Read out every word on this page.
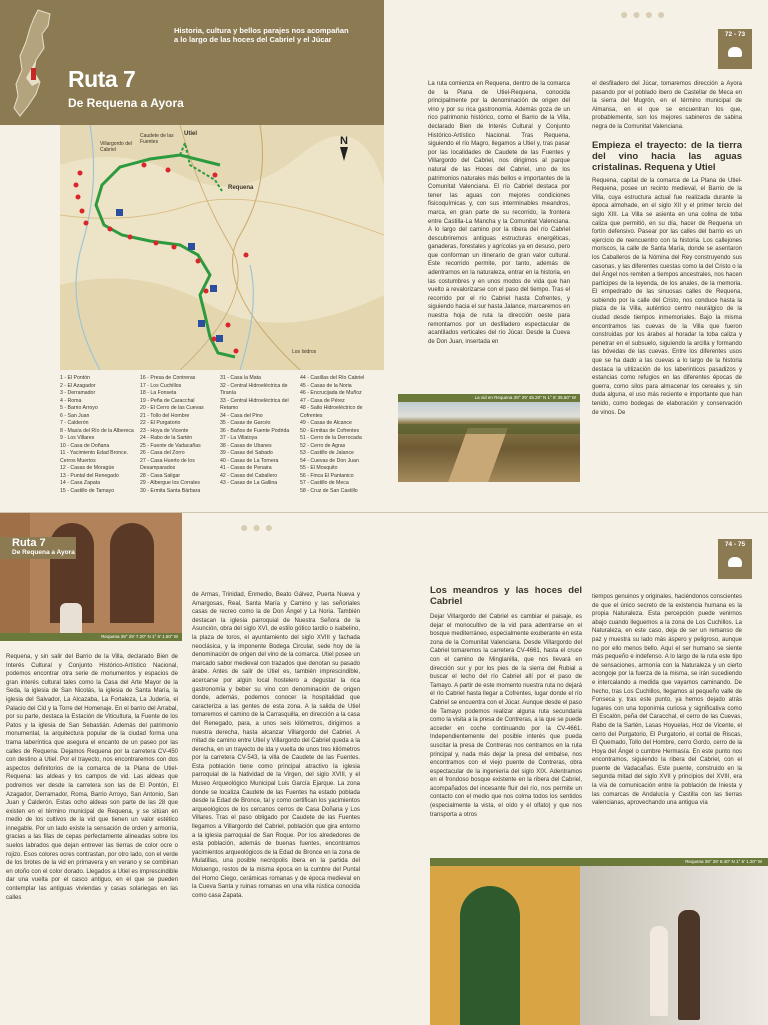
Historia, cultura y bellos parajes nos acompañan a lo largo de las hoces del Cabriel y el Júcar
Ruta 7
De Requena a Ayora
Utiel
Requena
Villargordo del Cabriel
Caudete de las Fuentes
Los Isidros
N
1 - El Pontón
2 - El Azagador
3 - Derramador
4 - Roma
5 - Barrio Arroyo
6 - San Juan
7 - Calderón
8 - Masía del Río de la Albereca
9 - Los Villares
10 - Casa de Doñana
11 - Yacimiento Edad Bronce. Cerros Muertos
12 - Casas de Moragüe
13 - Puntal del Renegado
14 - Casa Zapata
15 - Castillo de Tamayo
16 - Presa de Contreras
17 - Los Cuchillos
18 - La Fonseta
19 - Peña de Caracchal
20 - El Cerro de las Cuevas
21 - Tollo del Hombre
22 - El Purgatorio
23 - Hoya de Vicente
24 - Rabo de la Sartén
25 - Fuente de Vadacañas
26 - Casa del Zorro
27 - Casa Huerto de los Desamparados
28 - Casa Saligar
29 - Albergue los Corrales
30 - Ermita Santa Bárbara
31 - Casa la Mata
32 - Central Hidroeléctrica de Tiranía
33 - Central Hidroeléctrica del Retamo
34 - Casa del Pino
35 - Casas de Garcés
36 - Baños de Fuente Podrida
37 - La Villatoya
38 - Casas de Ubanes
39 - Casas del Sabado
40 - Casas de La Tornera
41 - Casas de Penaira
42 - Casas del Caballero
43 - Casas de La Gallina
44 - Casillas del Río Cabriel
45 - Casas de la Noria
46 - Encrucijada de Muñoz
47 - Casa de Pérez
48 - Salto Hidroeléctrico de Cofrentes
49 - Casas de Alcance
50 - Ermitas de Cofrentes
51 - Cerro de la Derrocada
52 - Cerro de Agras
53 - Castillo de Jalance
54 - Cuevas de Don Juan
55 - El Mosquito
56 - Finca El Pantanico
57 - Castillo de Meca
58 - Cruz de San Castillo
72 - 73
● ● ● ●

La ruta comienza en Requena, dentro de la comarca de la Plana de Utiel-Requena, conocida principalmente por la denominación de origen del vino y por su rica gastronomía. Además goza de un rico patrimonio histórico, como el Barrio de la Villa, declarado Bien de Interés Cultural y Conjunto Histórico-Artístico Nacional. Tras Requena, siguiendo el río Magro, llegamos a Utiel y, tras pasar por las localidades de Caudete de las Fuentes y Villargordo del Cabriel, nos dirigimos al parque natural de las Hoces del Cabriel, uno de los patrimonios naturales más bellos e importantes de la Comunitat Valenciana. El río Cabriel destaca por tener las aguas con mejores condiciones fisicoquímicas y, con sus interminables meandros, marca, en gran parte de su recorrido, la frontera entre Castilla-La Mancha y la Comunitat Valenciana. A lo largo del camino por la ribera del río Cabriel descubriremos antiguas estructuras energéticas, ganaderas, forestales y agrícolas ya en desuso, pero que conforman un itinerario de gran valor cultural. Este recorrido permite, por tanto, además de adentrarnos en la naturaleza, entrar en la historia, en las costumbres y en unos modos de vida que han vuelto a revalorizarse con el paso del tiempo. Tras el recorrido por el río Cabriel hasta Cofrentes, y siguiendo hacia el sur hasta Jalance, marcaremos en nuestra hoja de ruta la dirección oeste para remontarnos por un desfiladero espectacular de acantilados verticales del río Júcar. Desde la Cueva de Don Juan, insertada en

el desfiladero del Júcar, tomaremos dirección a Ayora pasando por el poblado ibero de Castellar de Meca en la sierra del Mugrón, en el término municipal de Almansa, en el que se encuentran los que, probablemente, son los mejores sabineros de sabina negra de la Comunitat Valenciana.

Empieza el trayecto: de la tierra del vino hacia las aguas cristalinas. Requena y Utiel

Requena, capital de la comarca de La Plana de Utiel-Requena, posee un recinto medieval, el Barrio de la Villa, cuya estructura actual fue realizada durante la época almohade, en el siglo XII y el primer tercio del siglo XIII. La Villa se asienta en una colina de toba caliza que permitió, en su día, hacer de Requena un fortín defensivo. Pasear por las calles del barrio es un ejercicio de reencuentro con la historia. Los callejones moriscos, la calle de Santa María, donde se asentaron los Caballeros de la Nómina del Rey construyendo sus casonas, y las diferentes cuestas como la del Cristo o la del Ángel nos remiten a tiempos ancestrales, nos hacen partícipes de la leyenda, de los anales, de la memoria. El empedrado de las sinuosas calles de Requena, subiendo por la calle del Cristo, nos conduce hasta la plaza de la Villa, auténtico centro neurálgico de la ciudad desde tiempos inmemoriales. Bajo la misma encontramos las cuevas de la Villa que fueron construidas por los árabes al horadar la toba caliza y penetrar en el subsuelo, siguiendo la arcilla y formando las bóvedas de las cuevas. Entre los diferentes usos que se ha dado a las cuevas a lo largo de la historia destaca la utilización de los laberínticos pasadizos y estancias como refugios en las diferentes épocas de guerra, como silos para almacenar los cereales y, sin duda alguna, el uso más reciente e importante que han tenido, como bodegas de elaboración y conservación de vinos. De

La vid en Requena 39° 29' 45.20" N 1° 6' 35.60" W
Ruta 7
De Requena a Ayora
Requena 39° 29' 7.20" N 1° 6' 1.60" W
74 - 75
● ● ●

Requena, y sin salir del Barrio de la Villa, declarado Bien de Interés Cultural y Conjunto Histórico-Artístico Nacional, podemos encontrar otra serie de monumentos y espacios de gran interés cultural tales como la Casa del Arte Mayor de la Seda, la iglesia de San Nicolás, la iglesia de Santa María, la iglesia del Salvador, La Alcazaba, La Fortaleza, La Judería, el Palacio del Cid y la Torre del Homenaje. En el barrio del Arrabal, por su parte, destaca la Estación de Viticultura, la Fuente de los Patos y la iglesia de San Sebastián. Además del patrimonio monumental, la arquitectura popular de la ciudad forma una trama laberíntica que asegura el encanto de un paseo por las calles de Requena. Dejamos Requena por la carretera CV-450 con destino a Utiel. Por el trayecto, nos encontraremos con dos aspectos definitorios de la comarca de la Plana de Utiel-Requena: las aldeas y los campos de vid. Las aldeas que podremos ver desde la carretera son las de El Pontón, El Azagador, Derramador, Roma, Barrio Arroyo, San Antonio, San Juan y Calderón. Estas ocho aldeas son parte de las 28 que existen en el término municipal de Requena, y se sitúan en medio de los cultivos de la vid que tienen un valor estético innegable. Por un lado existe la sensación de orden y armonía, gracias a las filas de cepas perfectamente alineadas sobre los suelos labrados que dejan entrever las tierras de color ocre o rojizo. Esos colores ocres contrastan, por otro lado, con el verde de los brotes de la vid en primavera y en verano y se combinan en otoño con el color dorado. Llegados a Utiel es imprescindible dar una vuelta por el casco antiguo, en el que se pueden contemplar las antiguas viviendas y casas solariegas en las calles

de Armas, Trinidad, Enmedio, Beato Gálvez, Puerta Nueva y Amargosas, Real, Santa María y Camino y las señoriales casas de recreo como la de Don Ángel y La Noria. También destacan la iglesia parroquial de Nuestra Señora de la Asunción, obra del siglo XVI, de estilo gótico tardío o isabelino, la plaza de toros, el ayuntamiento del siglo XVIII y fachada neoclásica, y la imponente Bodega Circular, sede hoy de la denominación de origen del vino de la comarca. Utiel posee un marcado sabor medieval con trazados que denotan su pasado árabe. Antes de salir de Utiel es, también imprescindible, acercarse por algún local hostelero a degustar la rica gastronomía y beber su vino con denominación de origen donde, además, podemos conocer la hospitalidad que caracteriza a las gentes de esta zona. A la salida de Utiel tomaremos el camino de la Carrasquilla, en dirección a la casa del Renegado, para, a unos seis kilómetros, dirigirnos a nuestra derecha, hasta alcanzar Villargordo del Cabriel. A mitad de camino entre Utiel y Villargordo del Cabriel queda a la derecha, en un trayecto de ida y vuelta de unos tres kilómetros por la carretera CV-543, la villa de Caudete de las Fuentes. Esta población tiene como principal atractivo la iglesia parroquial de la Natividad de la Virgen, del siglo XVIII, y el Museo Arqueológico Municipal Luis García Ejarque. La zona donde se localiza Caudete de las Fuentes ha estado poblada desde la Edad de Bronce, tal y como certifican los yacimientos arqueológicos de los cercanos cerros de Casa Doñana y Los Villares. Tras el paso obligado por Caudete de las Fuentes llegamos a Villargordo del Cabriel, población que gira entorno a la iglesia parroquial de San Roque. Por los alrededores de esta población, además de buenas fuentes, encontramos yacimientos arqueológicos de la Edad de Bronce en la zona de Mulatillas, una posible necrópolis ibera en la partida del Moluengo, restos de la misma época en la cumbre del Puntal del Horno Ciego, cerámicas romanas y de época medieval en la Cueva Santa y ruinas romanas en una villa rústica conocida como casa Zapata.

Los meandros y las hoces del Cabriel

Dejar Villargordo del Cabriel es cambiar el paisaje, es dejar el monocultivo de la vid para adentrarse en el bosque mediterráneo, especialmente exuberante en esta zona de la Comunitat Valenciana. Desde Villargordo del Cabriel tomaremos la carretera CV-4661, hasta el cruce con el camino de Minglanilla, que nos llevará en dirección sur y por los pies de la sierra del Rubial a buscar el lecho del río Cabriel allí por el paso de Tamayo. A partir de este momento nuestra ruta no dejará el río Cabriel hasta llegar a Cofrentes, lugar donde el río Cabriel se encuentra con el Júcar. Aunque desde el paso de Tamayo podemos realizar alguna ruta secundaria como la visita a la presa de Contreras, a la que se puede acceder en coche continuando por la CV-4661. Independientemente del posible interés que pueda suscitar la presa de Contreras nos centramos en la ruta principal y, nada más dejar la presa del embalse, nos encontramos con el viejo puente de Contreras, obra espectacular de la ingeniería del siglo XIX. Adentramos en el frondoso bosque existente en la ribera del Cabriel, acompañados del incesante fluir del río, nos permite un contacto con el medio que nos colma todos los sentidos (especialmente la vista, el oído y el olfato) y que nos transporta a otros

tiempos genuinos y originales, haciéndonos conscientes de que el único secreto de la existencia humana es la propia Naturaleza. Esta percepción puede venirnos abajo cuando lleguemos a la zona de Los Cuchillos. La Naturaleza, en este caso, deja de ser un remanso de paz y muestra su lado más áspero y peligroso, aunque no por ello menos bello. Aquí el ser humano se siente más pequeño e indefenso. A lo largo de la ruta este tipo de sensaciones, armonía con la Naturaleza y un cierto acongoje por la fuerza de la misma, se irán sucediendo e intercalando a medida que vayamos caminando. De hecho, tras Los Cuchillos, llegamos al pequeño valle de Fonseca y, tras este punto, ya hemos dejado atrás lugares con una toponimia curiosa y significativa como El Escalón, peña del Caracchal, el cerro de las Cuevas, Rabo de la Sartén, Lasas Hoyuelas, Hoz de Vicente, el cerro del Purgatorio, El Purgatorio, el cortal de Riscas, El Quemado, Tollo del Hombre, cerro Gordo, cerro de la Hoya del Ángel o cumbre Hermasía. En este punto nos encontramos, siguiendo la ribera del Cabriel, con el puente de Vadacañas. Este puente, construido en la segunda mitad del siglo XVII y principios del XVIII, era la vía de comunicación entre la población de Iniesta y las comarcas de Andalucía y Castilla con las tierras valencianas, aprovechando una antigua vía

Requena 39° 28' 8.40" N 1° 6' 1.20" W
